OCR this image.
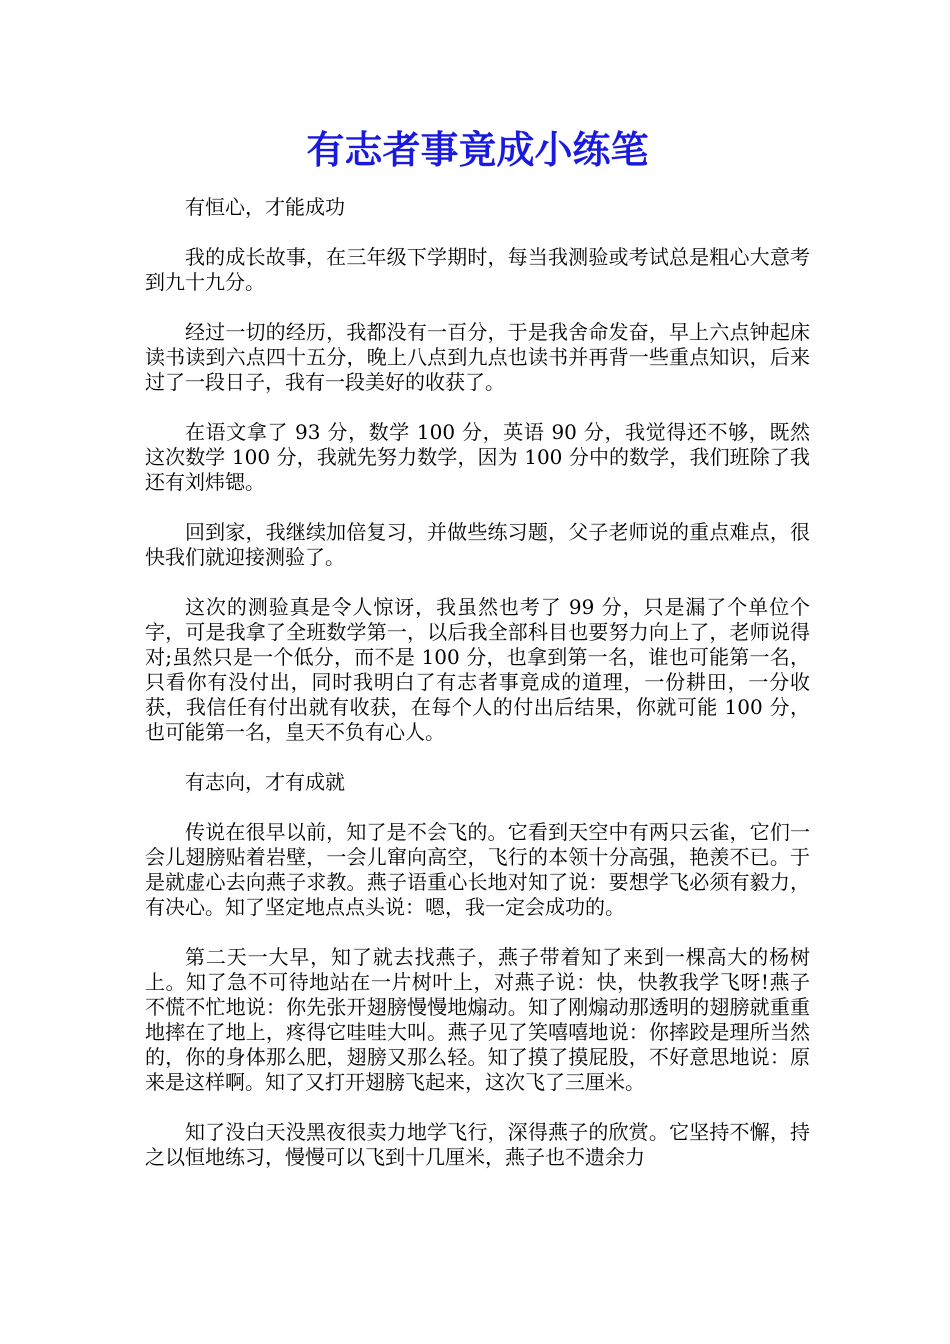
有志者事竟成小练笔

有恒心，才能成功

我的成长故事，在三年级下学期时，每当我测验或考试总是粗心大意考到九十九分。

经过一切的经历，我都没有一百分，于是我舍命发奋，早上六点钟起床读书读到六点四十五分，晚上八点到九点也读书并再背一些重点知识，后来过了一段日子，我有一段美好的收获了。

在语文拿了 93 分，数学 100 分，英语 90 分，我觉得还不够，既然这次数学 100 分，我就先努力数学，因为 100 分中的数学，我们班除了我还有刘炜锶。

回到家，我继续加倍复习，并做些练习题，父子老师说的重点难点，很快我们就迎接测验了。

这次的测验真是令人惊讶，我虽然也考了 99 分，只是漏了个单位个字，可是我拿了全班数学第一，以后我全部科目也要努力向上了，老师说得对;虽然只是一个低分，而不是 100 分，也拿到第一名，谁也可能第一名，只看你有没付出，同时我明白了有志者事竟成的道理，一份耕田，一分收获，我信任有付出就有收获，在每个人的付出后结果，你就可能 100 分，也可能第一名，皇天不负有心人。

有志向，才有成就

传说在很早以前，知了是不会飞的。它看到天空中有两只云雀，它们一会儿翅膀贴着岩壁，一会儿窜向高空，飞行的本领十分高强，艳羡不已。于是就虚心去向燕子求教。燕子语重心长地对知了说：要想学飞必须有毅力，有决心。知了坚定地点点头说：嗯，我一定会成功的。

第二天一大早，知了就去找燕子，燕子带着知了来到一棵高大的杨树上。知了急不可待地站在一片树叶上，对燕子说：快，快教我学飞呀!燕子不慌不忙地说：你先张开翅膀慢慢地煽动。知了刚煽动那透明的翅膀就重重地摔在了地上，疼得它哇哇大叫。燕子见了笑嘻嘻地说：你摔跤是理所当然的，你的身体那么肥，翅膀又那么轻。知了摸了摸屁股，不好意思地说：原来是这样啊。知了又打开翅膀飞起来，这次飞了三厘米。

知了没白天没黑夜很卖力地学飞行，深得燕子的欣赏。它坚持不懈，持之以恒地练习，慢慢可以飞到十几厘米，燕子也不遗余力
